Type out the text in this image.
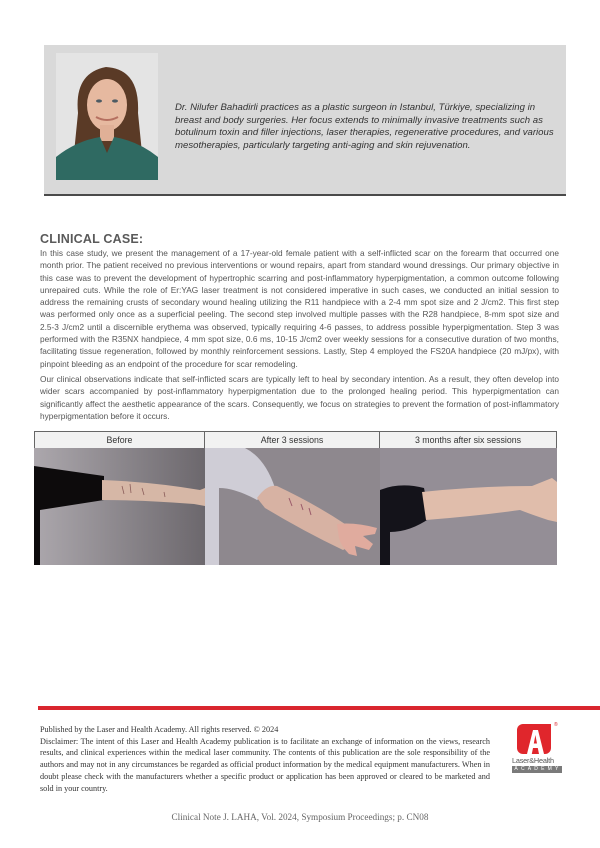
Dr. Nilufer Bahadirli practices as a plastic surgeon in Istanbul, Türkiye, specializing in breast and body surgeries. Her focus extends to minimally invasive treatments such as botulinum toxin and filler injections, laser therapies, regenerative procedures, and various mesotherapies, particularly targeting anti-aging and skin rejuvenation.
CLINICAL CASE:

In this case study, we present the management of a 17-year-old female patient with a self-inflicted scar on the forearm that occurred one month prior. The patient received no previous interventions or wound repairs, apart from standard wound dressings. Our primary objective in this case was to prevent the development of hypertrophic scarring and post-inflammatory hyperpigmentation, a common outcome following unrepaired cuts. While the role of Er:YAG laser treatment is not considered imperative in such cases, we conducted an initial session to address the remaining crusts of secondary wound healing utilizing the R11 handpiece with a 2-4 mm spot size and 2 J/cm2. This first step was performed only once as a superficial peeling. The second step involved multiple passes with the R28 handpiece, 8-mm spot size and 2.5-3 J/cm2 until a discernible erythema was observed, typically requiring 4-6 passes, to address possible hyperpigmentation. Step 3 was performed with the R35NX handpiece, 4 mm spot size, 0.6 ms, 10-15 J/cm2 over weekly sessions for a consecutive duration of two months, facilitating tissue regeneration, followed by monthly reinforcement sessions. Lastly, Step 4 employed the FS20A handpiece (20 mJ/px), with pinpoint bleeding as an endpoint of the procedure for scar remodeling.

Our clinical observations indicate that self-inflicted scars are typically left to heal by secondary intention. As a result, they often develop into wider scars accompanied by post-inflammatory hyperpigmentation due to the prolonged healing period. This hyperpigmentation can significantly affect the aesthetic appearance of the scars. Consequently, we focus on strategies to prevent the formation of post-inflammatory hyperpigmentation before it occurs.

Before	After 3 sessions	3 months after six sessions
Published by the Laser and Health Academy. All rights reserved. © 2024
Disclaimer: The intent of this Laser and Health Academy publication is to facilitate an exchange of information on the views, research results, and clinical experiences within the medical laser community. The contents of this publication are the sole responsibility of the authors and may not in any circumstances be regarded as official product information by the medical equipment manufacturers. When in doubt please check with the manufacturers whether a specific product or application has been approved or cleared to be marketed and sold in your country.
®
Laser&Health
ACADEMY
Clinical Note J. LAHA, Vol. 2024, Symposium Proceedings; p. CN08
